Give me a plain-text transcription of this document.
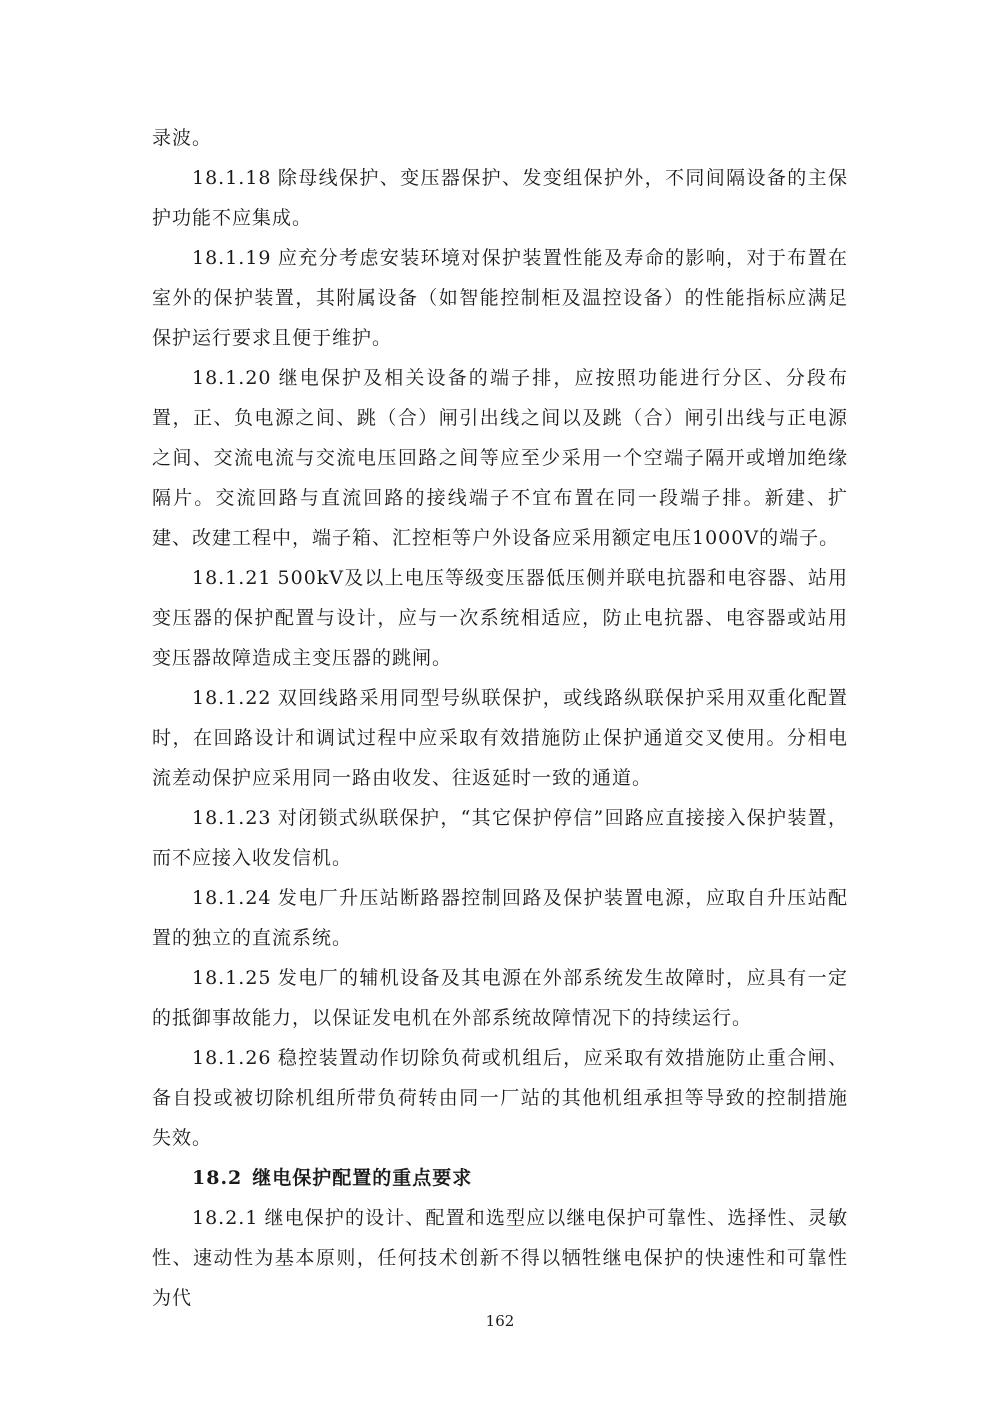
录波。

18.1.18 除母线保护、变压器保护、发变组保护外，不同间隔设备的主保护功能不应集成。

18.1.19 应充分考虑安装环境对保护装置性能及寿命的影响，对于布置在室外的保护装置，其附属设备（如智能控制柜及温控设备）的性能指标应满足保护运行要求且便于维护。

18.1.20 继电保护及相关设备的端子排，应按照功能进行分区、分段布置，正、负电源之间、跳（合）闸引出线之间以及跳（合）闸引出线与正电源之间、交流电流与交流电压回路之间等应至少采用一个空端子隔开或增加绝缘隔片。交流回路与直流回路的接线端子不宜布置在同一段端子排。新建、扩建、改建工程中，端子箱、汇控柜等户外设备应采用额定电压1000V的端子。

18.1.21 500kV及以上电压等级变压器低压侧并联电抗器和电容器、站用变压器的保护配置与设计，应与一次系统相适应，防止电抗器、电容器或站用变压器故障造成主变压器的跳闸。

18.1.22 双回线路采用同型号纵联保护，或线路纵联保护采用双重化配置时，在回路设计和调试过程中应采取有效措施防止保护通道交叉使用。分相电流差动保护应采用同一路由收发、往返延时一致的通道。

18.1.23 对闭锁式纵联保护，“其它保护停信”回路应直接接入保护装置，而不应接入收发信机。

18.1.24 发电厂升压站断路器控制回路及保护装置电源，应取自升压站配置的独立的直流系统。

18.1.25 发电厂的辅机设备及其电源在外部系统发生故障时，应具有一定的抵御事故能力，以保证发电机在外部系统故障情况下的持续运行。

18.1.26 稳控装置动作切除负荷或机组后，应采取有效措施防止重合闸、备自投或被切除机组所带负荷转由同一厂站的其他机组承担等导致的控制措施失效。

18.2 继电保护配置的重点要求

18.2.1 继电保护的设计、配置和选型应以继电保护可靠性、选择性、灵敏性、速动性为基本原则，任何技术创新不得以牺牲继电保护的快速性和可靠性为代

162
